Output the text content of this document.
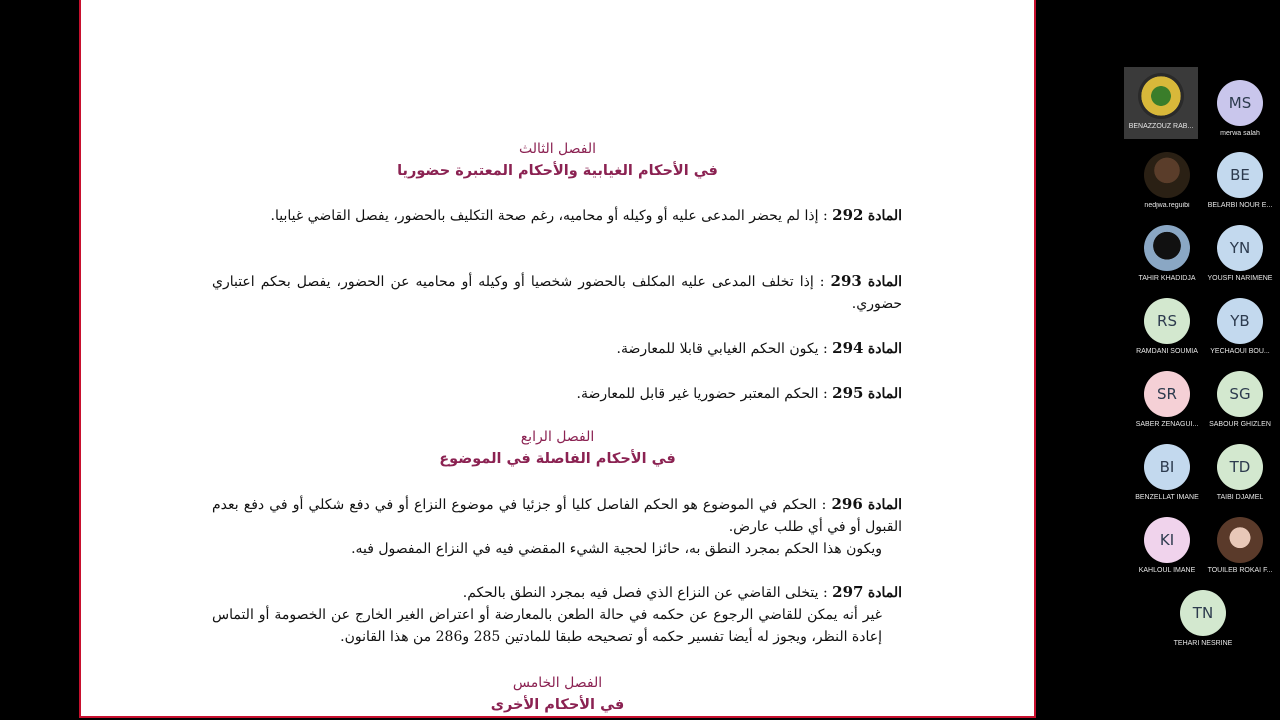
الفصل الثالث
في الأحكام الغيابية والأحكام المعتبرة حضوريا
المادة 292 : إذا لم يحضر المدعى عليه أو وكيله أو محاميه، رغم صحة التكليف بالحضور، يفصل القاضي غيابيا.
المادة 293 : إذا تخلف المدعى عليه المكلف بالحضور شخصيا أو وكيله أو محاميه عن الحضور، يفصل بحكم اعتباري حضوري.
المادة 294 : يكون الحكم الغيابي قابلا للمعارضة.
المادة 295 : الحكم المعتبر حضوريا غير قابل للمعارضة.
الفصل الرابع
في الأحكام الفاصلة في الموضوع
المادة 296 : الحكم في الموضوع هو الحكم الفاصل كليا أو جزئيا في موضوع النزاع أو في دفع شكلي أو في دفع بعدم القبول أو في أي طلب عارض.
ويكون هذا الحكم بمجرد النطق به، حائزا لحجية الشيء المقضي فيه في النزاع المفصول فيه.
المادة 297 : يتخلى القاضي عن النزاع الذي فصل فيه بمجرد النطق بالحكم.
غير أنه يمكن للقاضي الرجوع عن حكمه في حالة الطعن بالمعارضة أو اعتراض الغير الخارج عن الخصومة أو التماس إعادة النظر، ويجوز له أيضا تفسير حكمه أو تصحيحه طبقا للمادتين 285 و286 من هذا القانون.
الفصل الخامس
في الأحكام الأخرى
BENAZZOUZ RAB...
MS
merwa salah
nedjwa.reguibi
BE
BELARBI NOUR E...
TAHIR KHADIDJA
YN
YOUSFI NARIMENE
RS
RAMDANI SOUMIA
YB
YECHAOUI BOU...
SR
SABER ZENAGUI...
SG
SABOUR GHIZLEN
BI
BENZELLAT IMANE
TD
TAIBI DJAMEL
KI
KAHLOUL IMANE	TOUILEB ROKAI F...
TN
TEHARI NESRINE
